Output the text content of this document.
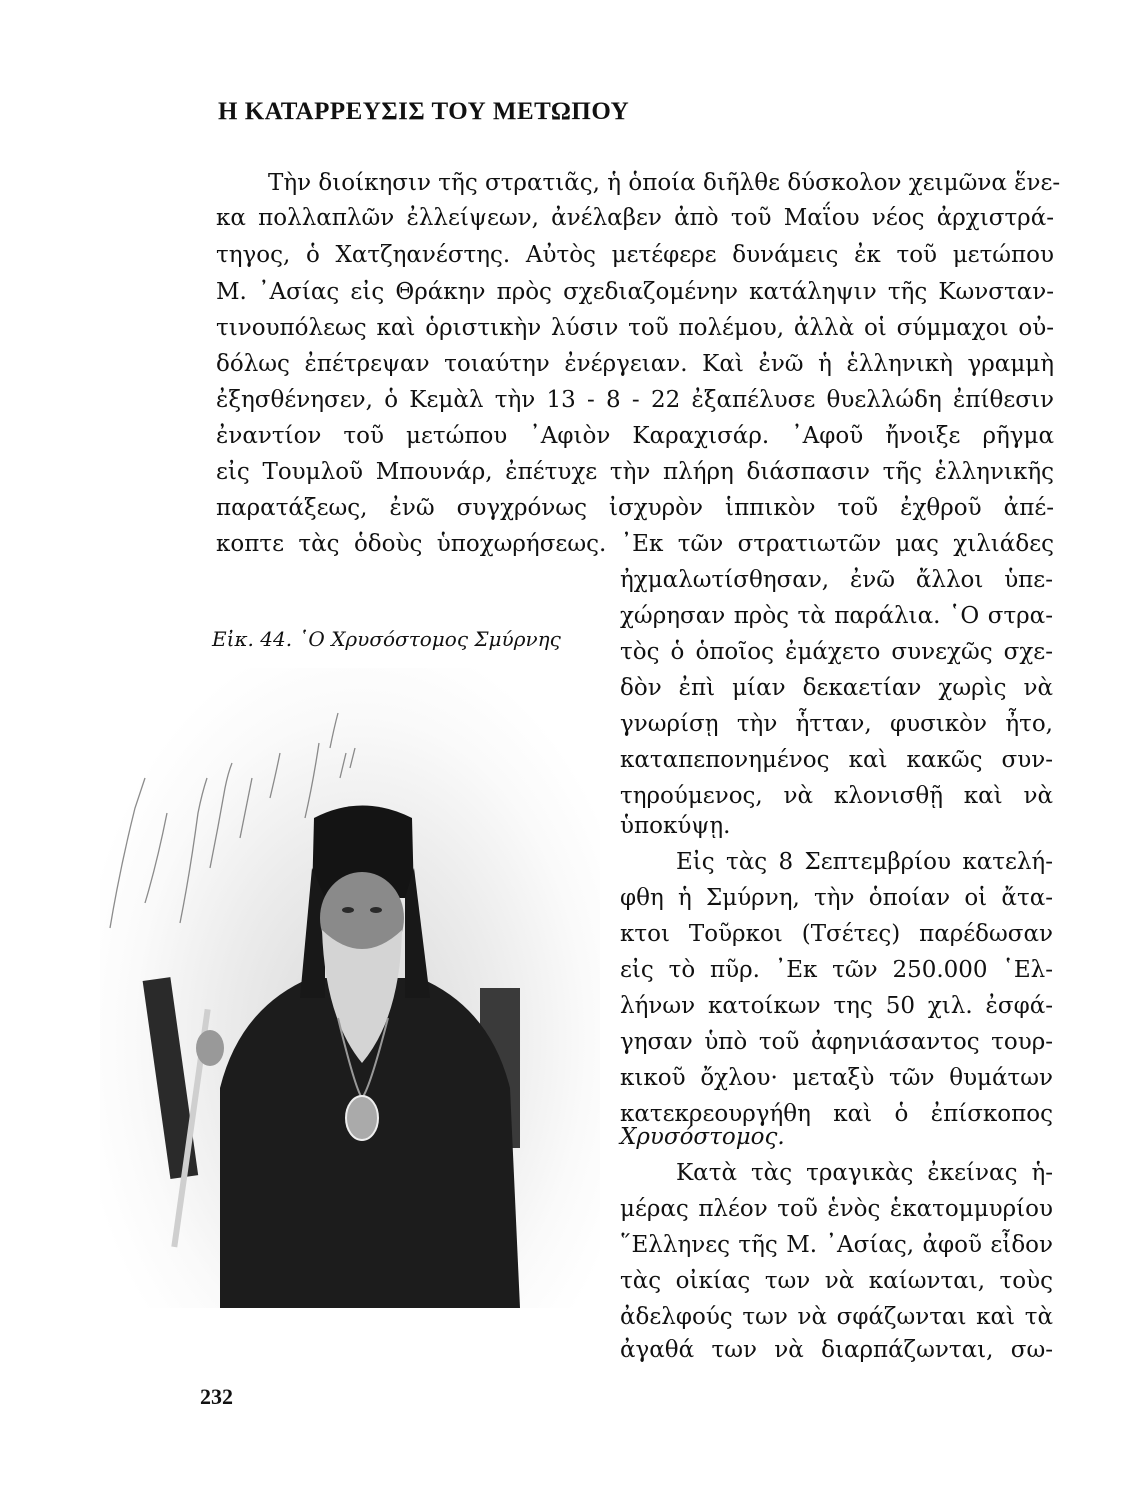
Η ΚΑΤΑΡΡΕΥΣΙΣ ΤΟΥ ΜΕΤΩΠΟΥ
Τὴν διοίκησιν τῆς στρατιᾶς, ἡ ὁποία διῆλθε δύσκολον χειμῶνα ἕνε-
κα πολλαπλῶν ἐλλείψεων, ἀνέλαβεν ἀπὸ τοῦ Μαΐου νέος ἀρχιστρά-
τηγος, ὁ Χατζηανέστης. Αὐτὸς μετέφερε δυνάμεις ἐκ τοῦ μετώπου
Μ. ᾿Ασίας εἰς Θράκην πρὸς σχεδιαζομένην κατάληψιν τῆς Κωνσταν-
τινουπόλεως καὶ ὁριστικὴν λύσιν τοῦ πολέμου, ἀλλὰ οἱ σύμμαχοι οὐ-
δόλως ἐπέτρεψαν τοιαύτην ἐνέργειαν. Καὶ ἐνῶ ἡ ἑλληνικὴ γραμμὴ
ἐξησθένησεν, ὁ Κεμὰλ τὴν 13 - 8 - 22 ἐξαπέλυσε θυελλώδη ἐπίθεσιν
ἐναντίον τοῦ μετώπου ᾿Αφιὸν Καραχισάρ. ᾿Αφοῦ ἤνοιξε ρῆγμα
εἰς Τουμλοῦ Μπουνάρ, ἐπέτυχε τὴν πλήρη διάσπασιν τῆς ἑλληνικῆς
παρατάξεως, ἐνῶ συγχρόνως ἰσχυρὸν ἱππικὸν τοῦ ἐχθροῦ ἀπέ-
κοπτε τὰς ὁδοὺς ὑποχωρήσεως. ᾿Εκ τῶν στρατιωτῶν μας χιλιάδες
ἠχμαλωτίσθησαν, ἐνῶ ἄλλοι ὑπε-
χώρησαν πρὸς τὰ παράλια. ῾Ο στρα-
τὸς ὁ ὁποῖος ἐμάχετο συνεχῶς σχε-
δὸν ἐπὶ μίαν δεκαετίαν χωρὶς νὰ
γνωρίσῃ τὴν ἧτταν, φυσικὸν ἦτο,
καταπεπονημένος καὶ κακῶς συν-
τηρούμενος, νὰ κλονισθῇ καὶ νὰ
ὑποκύψῃ.
Εἰς τὰς 8 Σεπτεμβρίου κατελή-
φθη ἡ Σμύρνη, τὴν ὁποίαν οἱ ἄτα-
κτοι Τοῦρκοι (Τσέτες) παρέδωσαν
εἰς τὸ πῦρ. ᾿Εκ τῶν 250.000 ῾Ελ-
λήνων κατοίκων της 50 χιλ. ἐσφά-
γησαν ὑπὸ τοῦ ἀφηνιάσαντος τουρ-
κικοῦ ὄχλου· μεταξὺ τῶν θυμάτων
κατεκρεουργήθη καὶ ὁ ἐπίσκοπος
Χρυσόστομος.
Κατὰ τὰς τραγικὰς ἐκείνας ἡ-
μέρας πλέον τοῦ ἑνὸς ἑκατομμυρίου
῞Ελληνες τῆς Μ. ᾿Ασίας, ἀφοῦ εἶδον
τὰς οἰκίας των νὰ καίωνται, τοὺς
ἀδελφούς των νὰ σφάζωνται καὶ τὰ
ἀγαθά των νὰ διαρπάζωνται, σω-

Εἰκ. 44. ῾Ο Χρυσόστομος Σμύρνης

232
